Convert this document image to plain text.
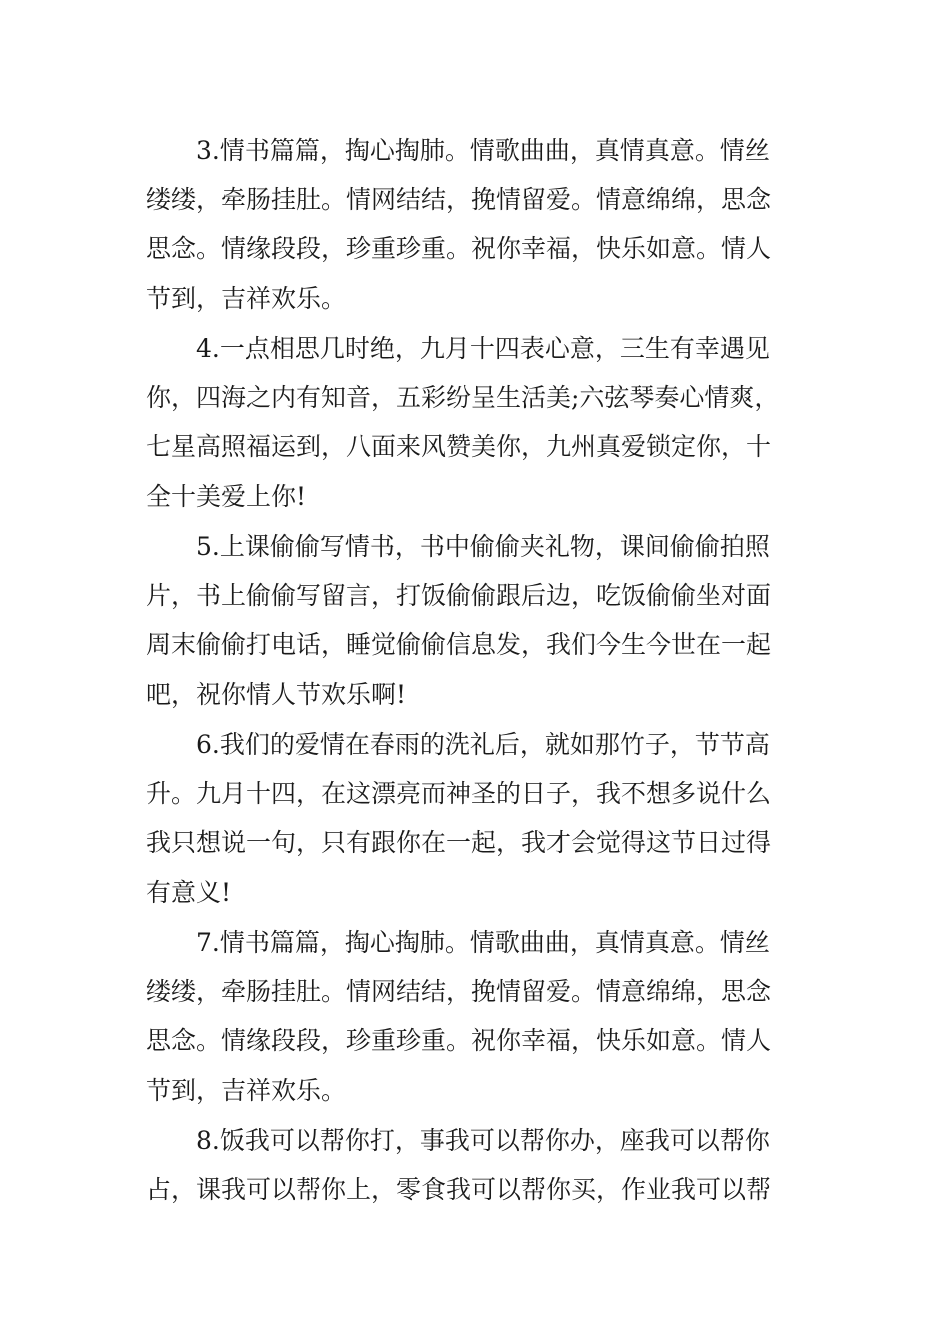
3.情书篇篇，掏心掏肺。情歌曲曲，真情真意。情丝
缕缕，牵肠挂肚。情网结结，挽情留爱。情意绵绵，思念
思念。情缘段段，珍重珍重。祝你幸福，快乐如意。情人
节到，吉祥欢乐。
4.一点相思几时绝，九月十四表心意，三生有幸遇见
你，四海之内有知音，五彩纷呈生活美;六弦琴奏心情爽，
七星高照福运到，八面来风赞美你，九州真爱锁定你，十
全十美爱上你!
5.上课偷偷写情书，书中偷偷夹礼物，课间偷偷拍照
片，书上偷偷写留言，打饭偷偷跟后边，吃饭偷偷坐对面
周末偷偷打电话，睡觉偷偷信息发，我们今生今世在一起
吧，祝你情人节欢乐啊!
6.我们的爱情在春雨的洗礼后，就如那竹子，节节高
升。九月十四，在这漂亮而神圣的日子，我不想多说什么
我只想说一句，只有跟你在一起，我才会觉得这节日过得
有意义!
7.情书篇篇，掏心掏肺。情歌曲曲，真情真意。情丝
缕缕，牵肠挂肚。情网结结，挽情留爱。情意绵绵，思念
思念。情缘段段，珍重珍重。祝你幸福，快乐如意。情人
节到，吉祥欢乐。
8.饭我可以帮你打，事我可以帮你办，座我可以帮你
占，课我可以帮你上，零食我可以帮你买，作业我可以帮
